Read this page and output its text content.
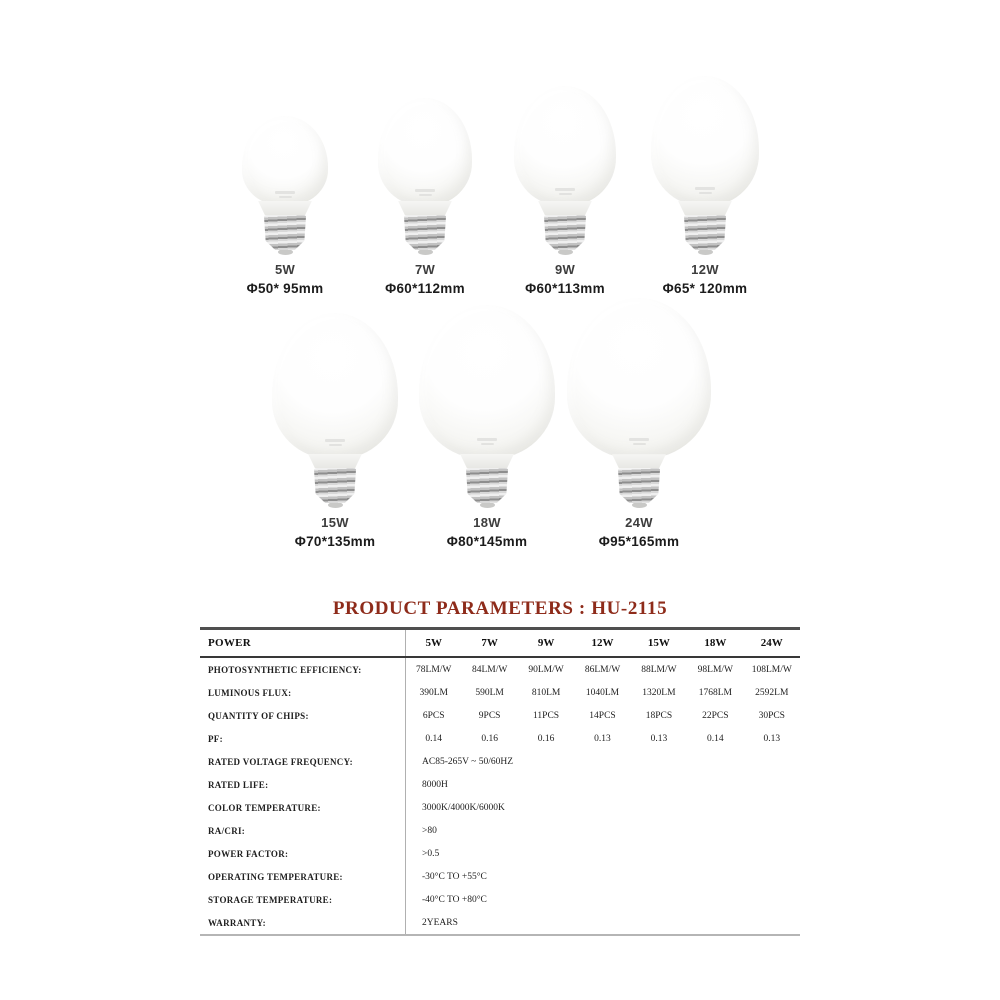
5W
Φ50* 95mm
7W
Φ60*112mm
9W
Φ60*113mm
12W
Φ65* 120mm
15W
Φ70*135mm
18W
Φ80*145mm
24W
Φ95*165mm
PRODUCT PARAMETERS : HU-2115
POWER	5W	7W	9W	12W	15W	18W	24W
PHOTOSYNTHETIC EFFICIENCY:	78LM/W	84LM/W	90LM/W	86LM/W	88LM/W	98LM/W	108LM/W
LUMINOUS FLUX:	390LM	590LM	810LM	1040LM	1320LM	1768LM	2592LM
QUANTITY OF CHIPS:	6PCS	9PCS	11PCS	14PCS	18PCS	22PCS	30PCS
PF:	0.14	0.16	0.16	0.13	0.13	0.14	0.13
RATED VOLTAGE FREQUENCY:	AC85-265V ~ 50/60HZ
RATED LIFE:	8000H
COLOR TEMPERATURE:	3000K/4000K/6000K
RA/CRI:	>80
POWER FACTOR:	>0.5
OPERATING TEMPERATURE:	-30°C TO +55°C
STORAGE TEMPERATURE:	-40°C TO +80°C
WARRANTY:	2YEARS
